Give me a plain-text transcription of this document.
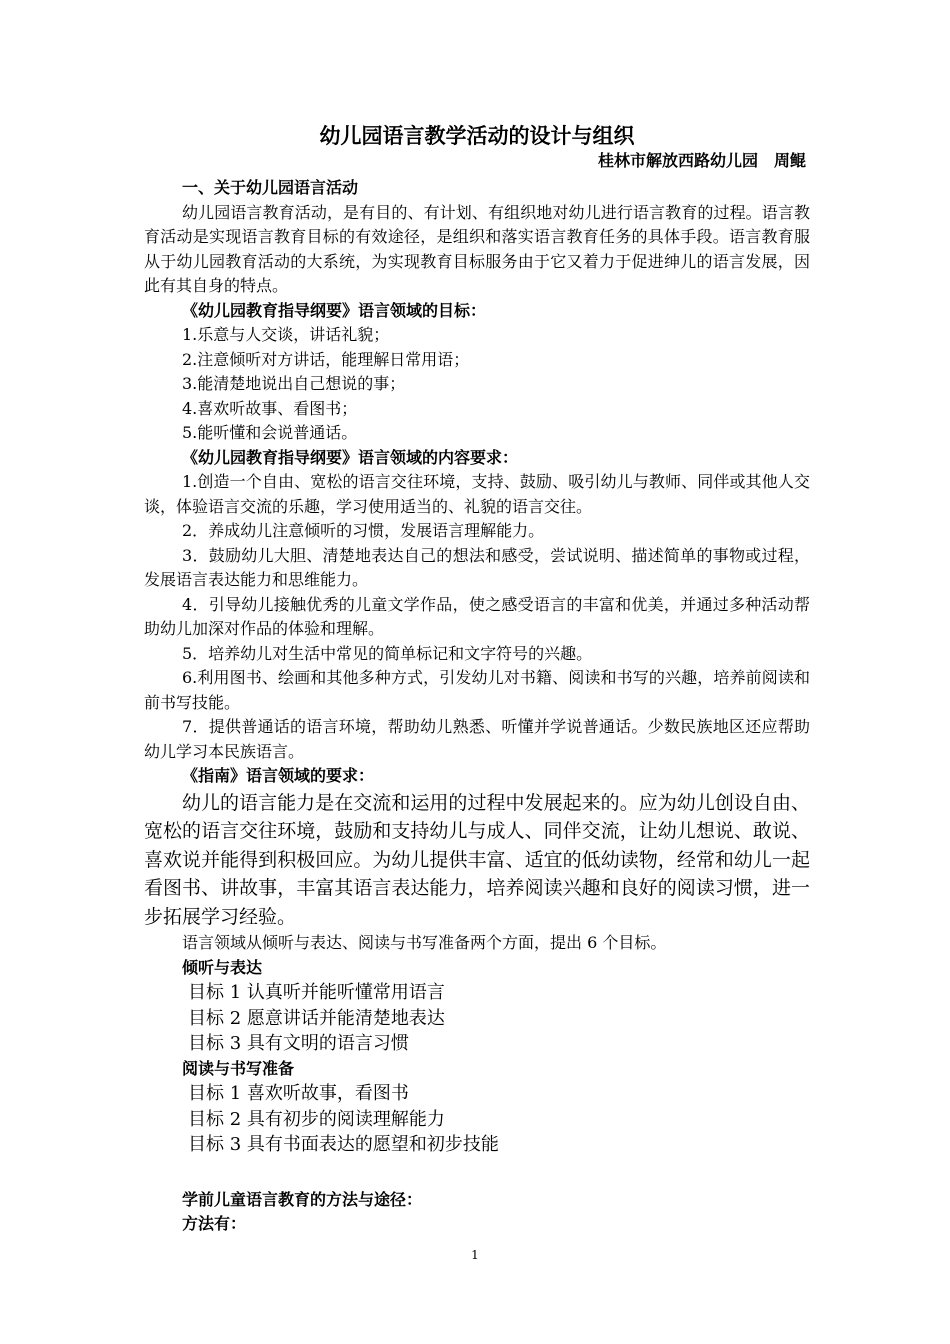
幼儿园语言教学活动的设计与组织

桂林市解放西路幼儿园　周鲲

一、关于幼儿园语言活动

幼儿园语言教育活动，是有目的、有计划、有组织地对幼儿进行语言教育的过程。语言教育活动是实现语言教育目标的有效途径，是组织和落实语言教育任务的具体手段。语言教育服从于幼儿园教育活动的大系统，为实现教育目标服务由于它又着力于促进绅儿的语言发展，因此有其自身的特点。

《幼儿园教育指导纲要》语言领域的目标：

1.乐意与人交谈，讲话礼貌；

2.注意倾听对方讲话，能理解日常用语；

3.能清楚地说出自己想说的事；

4.喜欢听故事、看图书；

5.能听懂和会说普通话。

《幼儿园教育指导纲要》语言领域的内容要求：

1.创造一个自由、宽松的语言交往环境，支持、鼓励、吸引幼儿与教师、同伴或其他人交谈，体验语言交流的乐趣，学习使用适当的、礼貌的语言交往。

2．养成幼儿注意倾听的习惯，发展语言理解能力。

3．鼓励幼儿大胆、清楚地表达自己的想法和感受，尝试说明、描述简单的事物或过程，发展语言表达能力和思维能力。

4．引导幼儿接触优秀的儿童文学作品，使之感受语言的丰富和优美，并通过多种活动帮助幼儿加深对作品的体验和理解。

5．培养幼儿对生活中常见的简单标记和文字符号的兴趣。

6.利用图书、绘画和其他多种方式，引发幼儿对书籍、阅读和书写的兴趣，培养前阅读和前书写技能。

7．提供普通话的语言环境，帮助幼儿熟悉、听懂并学说普通话。少数民族地区还应帮助幼儿学习本民族语言。

《指南》语言领域的要求：

幼儿的语言能力是在交流和运用的过程中发展起来的。应为幼儿创设自由、宽松的语言交往环境，鼓励和支持幼儿与成人、同伴交流，让幼儿想说、敢说、喜欢说并能得到积极回应。为幼儿提供丰富、适宜的低幼读物，经常和幼儿一起看图书、讲故事，丰富其语言表达能力，培养阅读兴趣和良好的阅读习惯，进一步拓展学习经验。

语言领域从倾听与表达、阅读与书写准备两个方面，提出 6 个目标。

倾听与表达

目标 1 认真听并能听懂常用语言

目标 2 愿意讲话并能清楚地表达

目标 3 具有文明的语言习惯

阅读与书写准备

目标 1 喜欢听故事，看图书

目标 2 具有初步的阅读理解能力

目标 3 具有书面表达的愿望和初步技能

学前儿童语言教育的方法与途径：

方法有：

1
